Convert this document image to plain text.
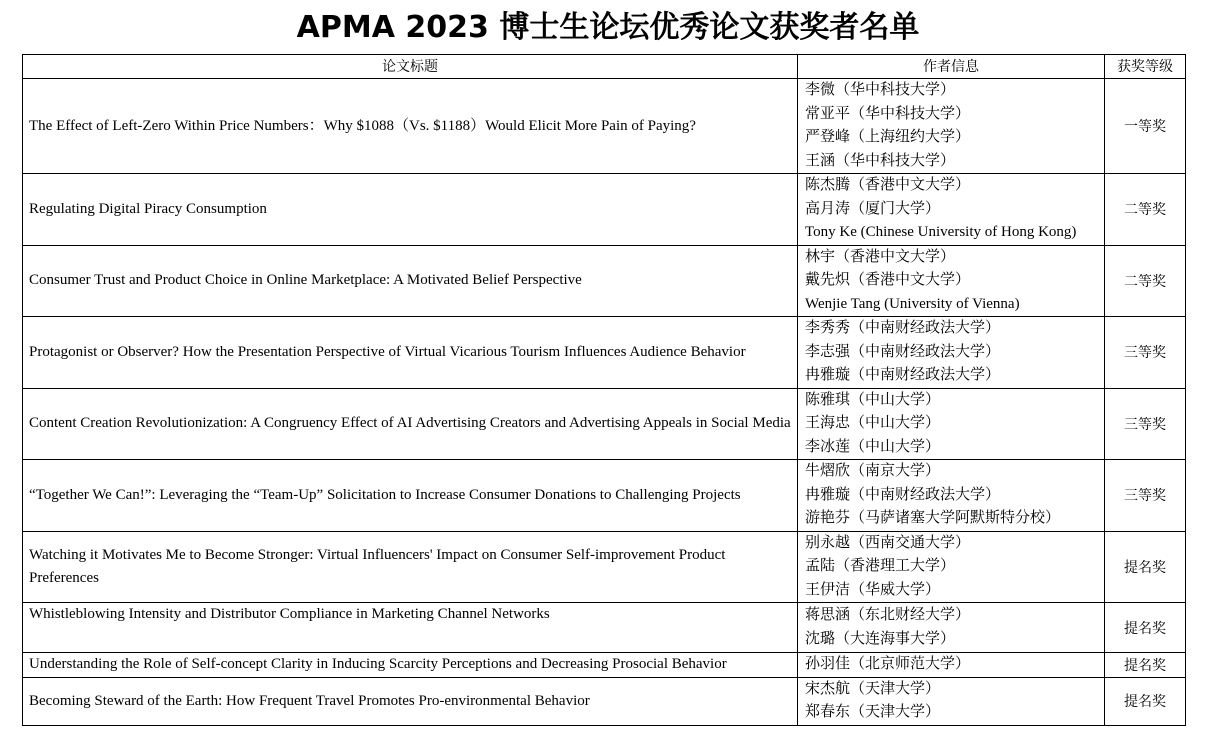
APMA 2023 博士生论坛优秀论文获奖者名单
论文标题	作者信息	获奖等级
The Effect of Left-Zero Within Price Numbers：Why $1088（Vs. $1188）Would Elicit More Pain of Paying?	李微（华中科技大学）
常亚平（华中科技大学）
严登峰（上海纽约大学）
王涵（华中科技大学）	一等奖
Regulating Digital Piracy Consumption	陈杰腾（香港中文大学）
高月涛（厦门大学）
Tony Ke (Chinese University of Hong Kong)	二等奖
Consumer Trust and Product Choice in Online Marketplace: A Motivated Belief Perspective	林宇（香港中文大学）
戴先炽（香港中文大学）
Wenjie Tang (University of Vienna)	二等奖
Protagonist or Observer? How the Presentation Perspective of Virtual Vicarious Tourism Influences Audience Behavior	李秀秀（中南财经政法大学）
李志强（中南财经政法大学）
冉雅璇（中南财经政法大学）	三等奖
Content Creation Revolutionization: A Congruency Effect of AI Advertising Creators and Advertising Appeals in Social Media	陈雅琪（中山大学）
王海忠（中山大学）
李冰莲（中山大学）	三等奖
“Together We Can!”: Leveraging the “Team-Up” Solicitation to Increase Consumer Donations to Challenging Projects	牛熠欣（南京大学）
冉雅璇（中南财经政法大学）
游艳芬（马萨诸塞大学阿默斯特分校）	三等奖
Watching it Motivates Me to Become Stronger: Virtual Influencers' Impact on Consumer Self-improvement Product Preferences	别永越（西南交通大学）
孟陆（香港理工大学）
王伊洁（华威大学）	提名奖
Whistleblowing Intensity and Distributor Compliance in Marketing Channel Networks	蒋思涵（东北财经大学）
沈璐（大连海事大学）	提名奖
Understanding the Role of Self-concept Clarity in Inducing Scarcity Perceptions and Decreasing Prosocial Behavior	孙羽佳（北京师范大学）	提名奖
Becoming Steward of the Earth: How Frequent Travel Promotes Pro-environmental Behavior	宋杰航（天津大学）
郑春东（天津大学）	提名奖
